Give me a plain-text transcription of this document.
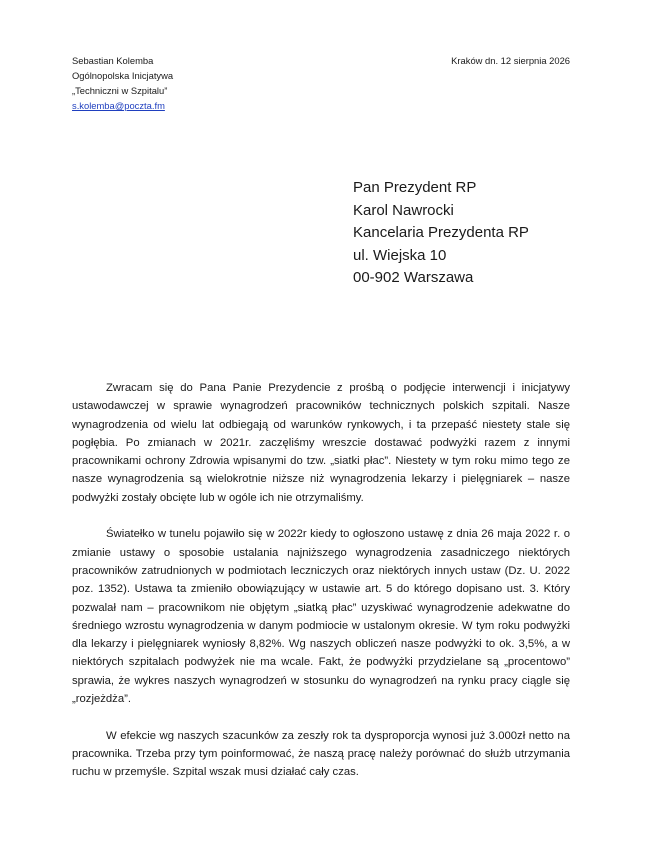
Sebastian Kolemba
Ogólnopolska Inicjatywa
„Techniczni w Szpitalu”
s.kolemba@poczta.fm
Kraków dn. 12 sierpnia 2026
Pan Prezydent RP
Karol Nawrocki
Kancelaria Prezydenta RP
ul. Wiejska 10
00-902 Warszawa

Zwracam się do Pana Panie Prezydencie z prośbą o podjęcie interwencji i inicjatywy ustawodawczej w sprawie wynagrodzeń pracowników technicznych polskich szpitali. Nasze wynagrodzenia od wielu lat odbiegają od warunków rynkowych, i ta przepaść niestety stale się pogłębia. Po zmianach w 2021r. zaczęliśmy wreszcie dostawać podwyżki razem z innymi pracownikami ochrony Zdrowia wpisanymi do tzw. „siatki płac”. Niestety w tym roku mimo tego ze nasze wynagrodzenia są wielokrotnie niższe niż wynagrodzenia lekarzy i pielęgniarek – nasze podwyżki zostały obcięte lub w ogóle ich nie otrzymaliśmy.

Światełko w tunelu pojawiło się w 2022r kiedy to ogłoszono ustawę z dnia 26 maja 2022 r. o zmianie ustawy o sposobie ustalania najniższego wynagrodzenia zasadniczego niektórych pracowników zatrudnionych w podmiotach leczniczych oraz niektórych innych ustaw (Dz. U. 2022 poz. 1352). Ustawa ta zmieniło obowiązujący w ustawie art. 5 do którego dopisano ust. 3. Który pozwalał nam – pracownikom nie objętym „siatką płac” uzyskiwać wynagrodzenie adekwatne do średniego wzrostu wynagrodzenia w danym podmiocie w ustalonym okresie. W tym roku podwyżki dla lekarzy i pielęgniarek wyniosły 8,82%. Wg naszych obliczeń nasze podwyżki to ok. 3,5%, a w niektórych szpitalach podwyżek nie ma wcale. Fakt, że podwyżki przydzielane są „procentowo” sprawia, że wykres naszych wynagrodzeń w stosunku do wynagrodzeń na rynku pracy ciągle się „rozjeżdża”.

W efekcie wg naszych szacunków za zeszły rok ta dysproporcja wynosi już 3.000zł netto na pracownika. Trzeba przy tym poinformować, że naszą pracę należy porównać do służb utrzymania ruchu w przemyśle. Szpital wszak musi działać cały czas.
